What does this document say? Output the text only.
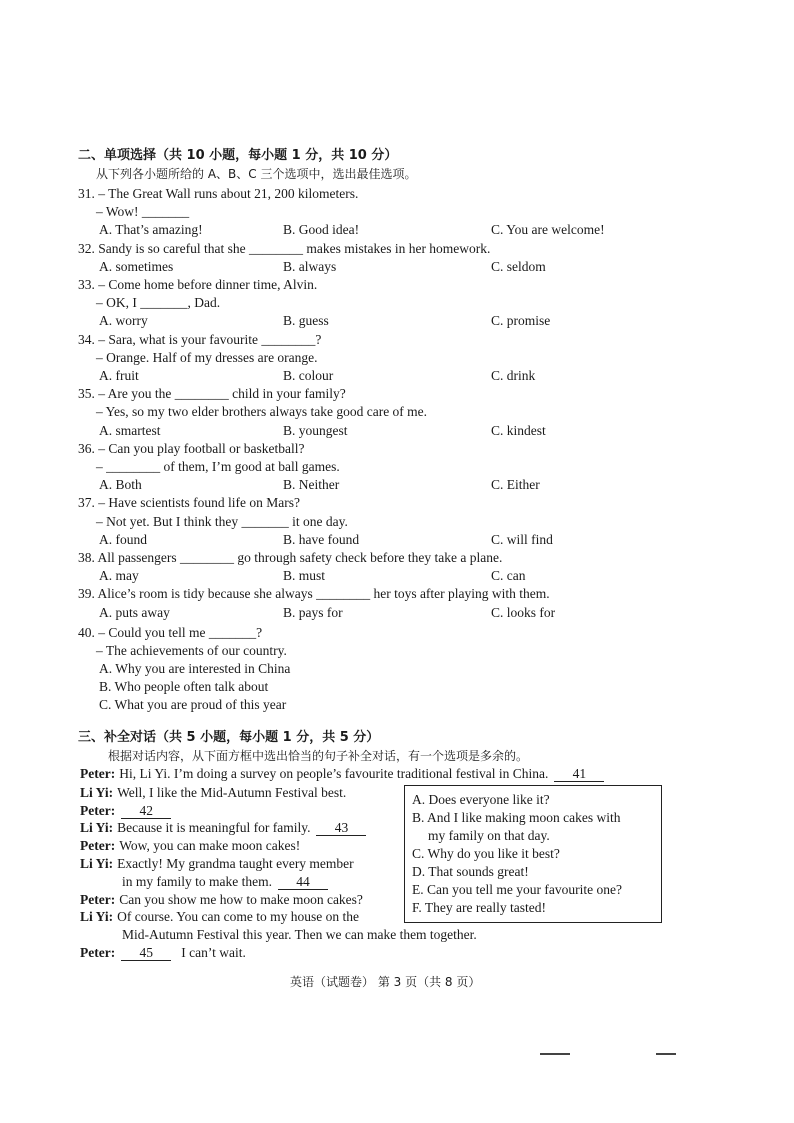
二、单项选择（共 10 小题，每小题 1 分，共 10 分）
从下列各小题所给的 A、B、C 三个选项中，选出最佳选项。
31. – The Great Wall runs about 21, 200 kilometers.
– Wow! _______
A. That’s amazing!	B. Good idea!	C. You are welcome!
32. Sandy is so careful that she ________ makes mistakes in her homework.
A. sometimes	B. always	C. seldom
33. – Come home before dinner time, Alvin.
– OK, I _______, Dad.
A. worry	B. guess	C. promise
34. – Sara, what is your favourite ________?
– Orange. Half of my dresses are orange.
A. fruit	B. colour	C. drink
35. – Are you the ________ child in your family?
– Yes, so my two elder brothers always take good care of me.
A. smartest	B. youngest	C. kindest
36. – Can you play football or basketball?
– ________ of them, I’m good at ball games.
A. Both	B. Neither	C. Either
37. – Have scientists found life on Mars?
– Not yet. But I think they _______ it one day.
A. found	B. have found	C. will find
38. All passengers ________ go through safety check before they take a plane.
A. may	B. must	C. can
39. Alice’s room is tidy because she always ________ her toys after playing with them.
A. puts away	B. pays for	C. looks for
40. – Could you tell me _______?
– The achievements of our country.
A. Why you are interested in China
B. Who people often talk about
C. What you are proud of this year
三、补全对话（共 5 小题，每小题 1 分，共 5 分）
根据对话内容，从下面方框中选出恰当的句子补全对话，有一个选项是多余的。
Peter: Hi, Li Yi. I’m doing a survey on people’s favourite traditional festival in China. 41
Li Yi: Well, I like the Mid-Autumn Festival best.
Peter: 42
Li Yi: Because it is meaningful for family. 43
Peter: Wow, you can make moon cakes!
Li Yi: Exactly! My grandma taught every member
in my family to make them. 44
Peter: Can you show me how to make moon cakes?
Li Yi: Of course. You can come to my house on the
Mid-Autumn Festival this year. Then we can make them together.
Peter: 45 I can’t wait.
A. Does everyone like it?
B. And I like making moon cakes with
my family on that day.
C. Why do you like it best?
D. That sounds great!
E. Can you tell me your favourite one?
F. They are really tasted!
英语（试题卷） 第 3 页（共 8 页）
